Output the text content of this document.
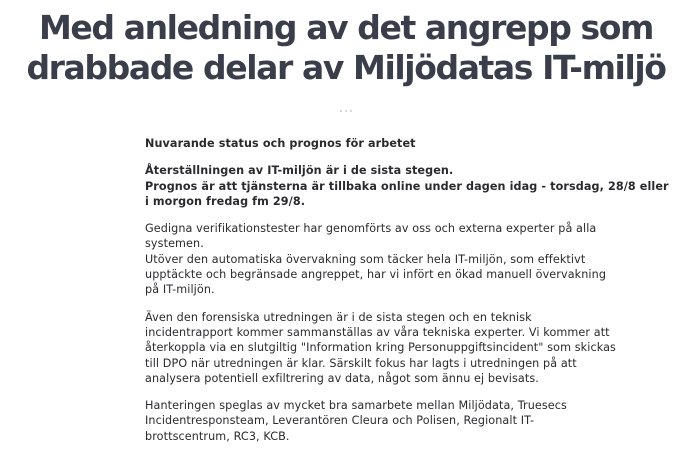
Med anledning av det angrepp som
drabbade delar av Miljödatas IT-miljö

Nuvarande status och prognos för arbetet

Återställningen av IT-miljön är i de sista stegen.
Prognos är att tjänsterna är tillbaka online under dagen idag - torsdag, 28/8 eller
i morgon fredag fm 29/8.

Gedigna verifikationstester har genomförts av oss och externa experter på alla
systemen.
Utöver den automatiska övervakning som täcker hela IT-miljön, som effektivt
upptäckte och begränsade angreppet, har vi infört en ökad manuell övervakning
på IT-miljön.

Även den forensiska utredningen är i de sista stegen och en teknisk
incidentrapport kommer sammanställas av våra tekniska experter. Vi kommer att
återkoppla via en slutgiltig "Information kring Personuppgiftsincident" som skickas
till DPO när utredningen är klar. Särskilt fokus har lagts i utredningen på att
analysera potentiell exfiltrering av data, något som ännu ej bevisats.

Hanteringen speglas av mycket bra samarbete mellan Miljödata, Truesecs
Incidentresponsteam, Leverantören Cleura och Polisen, Regionalt IT-
brottscentrum, RC3, KCB.
